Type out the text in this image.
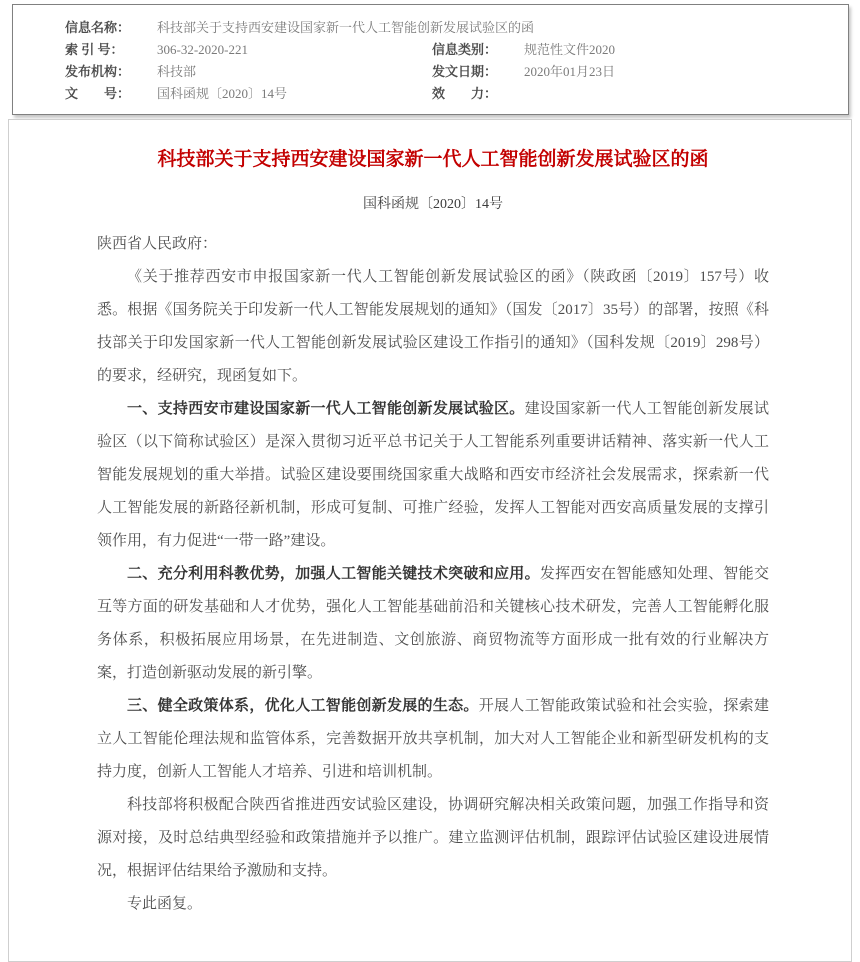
信息名称：	科技部关于支持西安建设国家新一代人工智能创新发展试验区的函
索 引 号：	306-32-2020-221	信息类别：	规范性文件2020
发布机构：	科技部	发文日期：	2020年01月23日
文　　号：	国科函规〔2020〕14号	效　　力：
科技部关于支持西安建设国家新一代人工智能创新发展试验区的函
国科函规〔2020〕14号

陕西省人民政府：

《关于推荐西安市申报国家新一代人工智能创新发展试验区的函》（陕政函〔2019〕157号）收悉。根据《国务院关于印发新一代人工智能发展规划的通知》（国发〔2017〕35号）的部署，按照《科技部关于印发国家新一代人工智能创新发展试验区建设工作指引的通知》（国科发规〔2019〕298号）的要求，经研究，现函复如下。

一、支持西安市建设国家新一代人工智能创新发展试验区。建设国家新一代人工智能创新发展试验区（以下简称试验区）是深入贯彻习近平总书记关于人工智能系列重要讲话精神、落实新一代人工智能发展规划的重大举措。试验区建设要围绕国家重大战略和西安市经济社会发展需求，探索新一代人工智能发展的新路径新机制，形成可复制、可推广经验，发挥人工智能对西安高质量发展的支撑引领作用，有力促进“一带一路”建设。

二、充分利用科教优势，加强人工智能关键技术突破和应用。发挥西安在智能感知处理、智能交互等方面的研发基础和人才优势，强化人工智能基础前沿和关键核心技术研发，完善人工智能孵化服务体系，积极拓展应用场景，在先进制造、文创旅游、商贸物流等方面形成一批有效的行业解决方案，打造创新驱动发展的新引擎。

三、健全政策体系，优化人工智能创新发展的生态。开展人工智能政策试验和社会实验，探索建立人工智能伦理法规和监管体系，完善数据开放共享机制，加大对人工智能企业和新型研发机构的支持力度，创新人工智能人才培养、引进和培训机制。

科技部将积极配合陕西省推进西安试验区建设，协调研究解决相关政策问题，加强工作指导和资源对接，及时总结典型经验和政策措施并予以推广。建立监测评估机制，跟踪评估试验区建设进展情况，根据评估结果给予激励和支持。

专此函复。
